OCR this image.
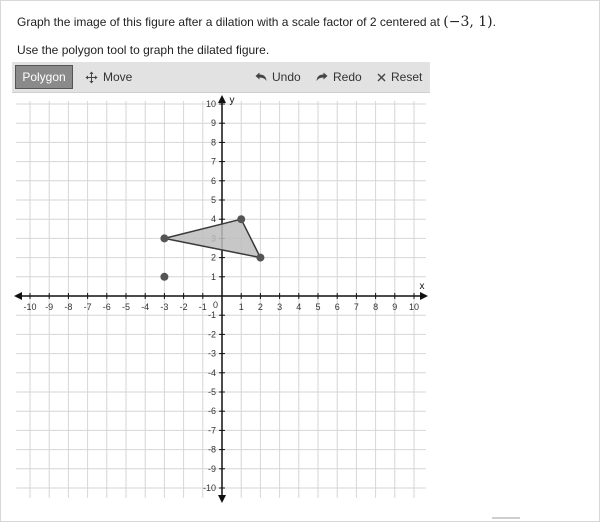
Graph the image of this figure after a dilation with a scale factor of 2 centered at (−3, 1).
Use the polygon tool to graph the dilated figure.
Polygon	Move	Undo	Redo Reset
-10 -9 -8 -7 -6 -5 -4 -3 -2 -1	1 2 3 4 5 6 7 8 9 10
10
9
8
7
6
5
4
2
1
-1
-2
-3
-4
-5
-6
-7
-8
-9
-10
0
x
y
